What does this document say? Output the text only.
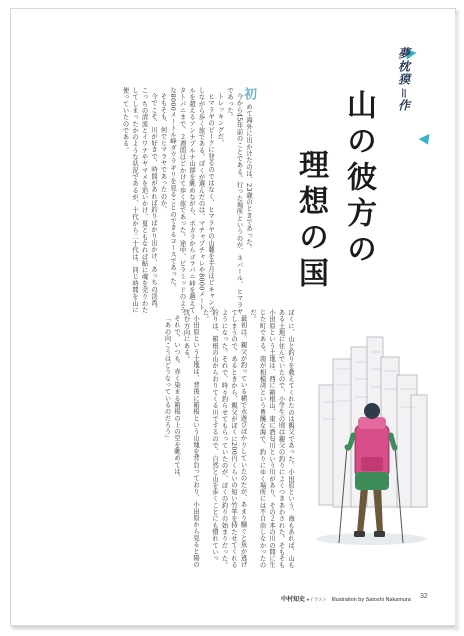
夢枕獏＝作
山の彼方の
理想の国

初めて海外に出かけたのは、23歳のときであった。

今から45年前のことである。行った場所というのが、ネパール、ヒマラヤであった。

トレッキングだ。

ヒマラヤのピークに登るのではなく、ヒマラヤの山麓を半月ほどキャンプしながら歩く旅である。ぼくが選んだのは、マチャプチャレや8000メートルを超えるアンナプルナ山群を眺めながら、ポカラからゴラパニ峠を越えてタトパニまで、２週間ほどかけて歩く旅であった。途中、ピラミッドのような8000メートル峰ダウラギリを見ることのできるコースであった。

そもそも、何でヒマラヤであったのか。

今でこそ、川が好きで、時間があれば釣りばかり出かけ、あっちの渓流、こっちの清流とイワナやヤマメを追いかけ、夏ともなれば鮎に魂を売りわたしてしまったかのような状況であるが、十代から二十代は、同じ時間を山に使っていたのである。

ぼくに、山と釣りを教えてくれたのは親父であった。小田原という、海もあれば、山もある土地に住んでいたので、小学生の頃は親父の釣りによくつきあわされた。そもそも小田原という土地は、西に箱根山、東に酒匂川という川があり、その２本の川の間に生じた町である。南が相模湾という豊饒な海で、釣りにゆく場所には不自由しなかったのだ。

最初は、親父が釣っている横で水遊びばかりしていたのだが、あまり騒ぐと魚が逃げてしまうので、あるときから、親父がぼくに200円くらいの短い竹竿を持たせてくれるようになった。それで、時々釣らせてもらっていたのが、ぼくの釣りの始まりだった。釣りは、箱根の山からおりてくる川でするので、自然と山を歩くことにも慣れていった。

小田原という土地は、背後に箱根という山塊を背負っており、小田原から見ると陽の沈む方向にある。

それで、いつも、赤く染まる箱根の上の空を眺めては、

「あの向こうはどうなっているのだろう」

中村知史 ●イラスト Illustration by Satoshi Nakamura 32
